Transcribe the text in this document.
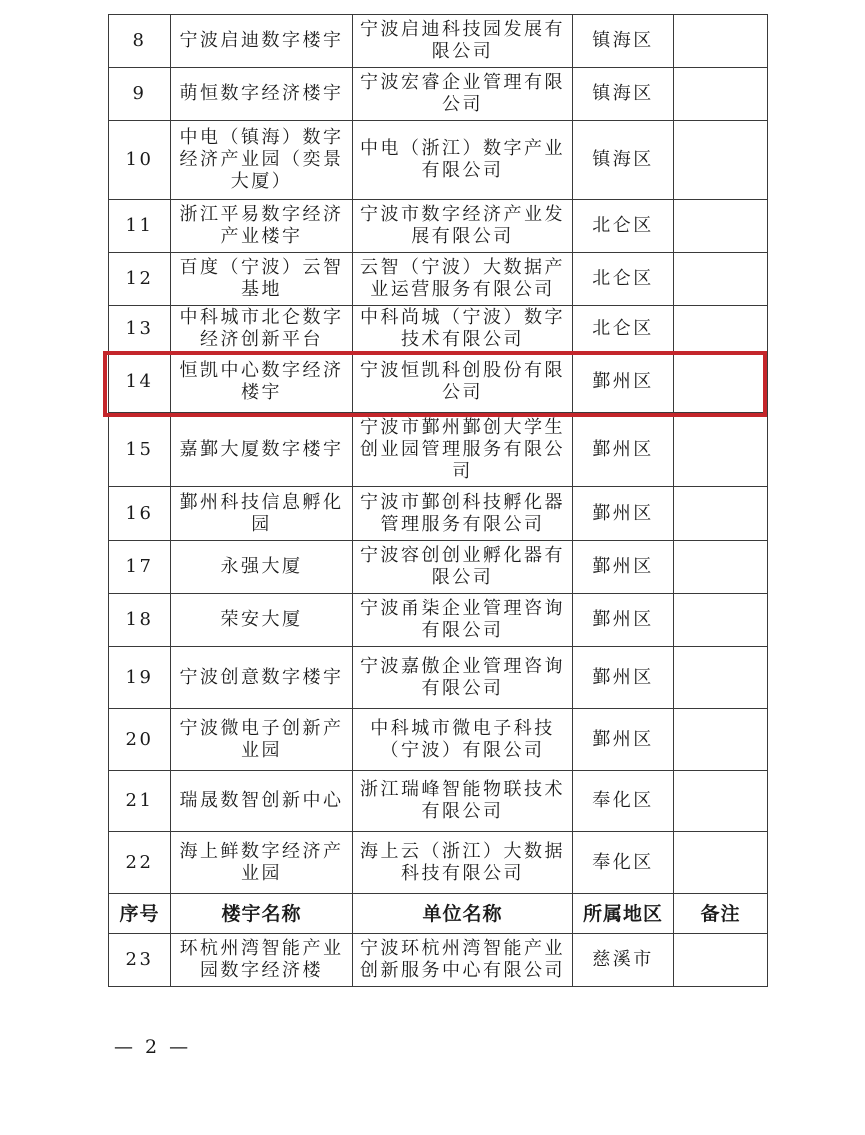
8	宁波启迪数字楼宇	宁波启迪科技园发展有限公司	镇海区	
9	萌恒数字经济楼宇	宁波宏睿企业管理有限公司	镇海区	
10	中电（镇海）数字经济产业园（奕景大厦）	中电（浙江）数字产业有限公司	镇海区	
11	浙江平易数字经济产业楼宇	宁波市数字经济产业发展有限公司	北仑区	
12	百度（宁波）云智基地	云智（宁波）大数据产业运营服务有限公司	北仑区	
13	中科城市北仑数字经济创新平台	中科尚城（宁波）数字技术有限公司	北仑区	
14	恒凯中心数字经济楼宇	宁波恒凯科创股份有限公司	鄞州区	
15	嘉鄞大厦数字楼宇	宁波市鄞州鄞创大学生创业园管理服务有限公司	鄞州区	
16	鄞州科技信息孵化园	宁波市鄞创科技孵化器管理服务有限公司	鄞州区	
17	永强大厦	宁波容创创业孵化器有限公司	鄞州区	
18	荣安大厦	宁波甬柒企业管理咨询有限公司	鄞州区	
19	宁波创意数字楼宇	宁波嘉傲企业管理咨询有限公司	鄞州区	
20	宁波微电子创新产业园	中科城市微电子科技（宁波）有限公司	鄞州区	
21	瑞晟数智创新中心	浙江瑞峰智能物联技术有限公司	奉化区	
22	海上鲜数字经济产业园	海上云（浙江）大数据科技有限公司	奉化区	
序号	楼宇名称	单位名称	所属地区	备注
23	环杭州湾智能产业园数字经济楼	宁波环杭州湾智能产业创新服务中心有限公司	慈溪市	
— 2 —
